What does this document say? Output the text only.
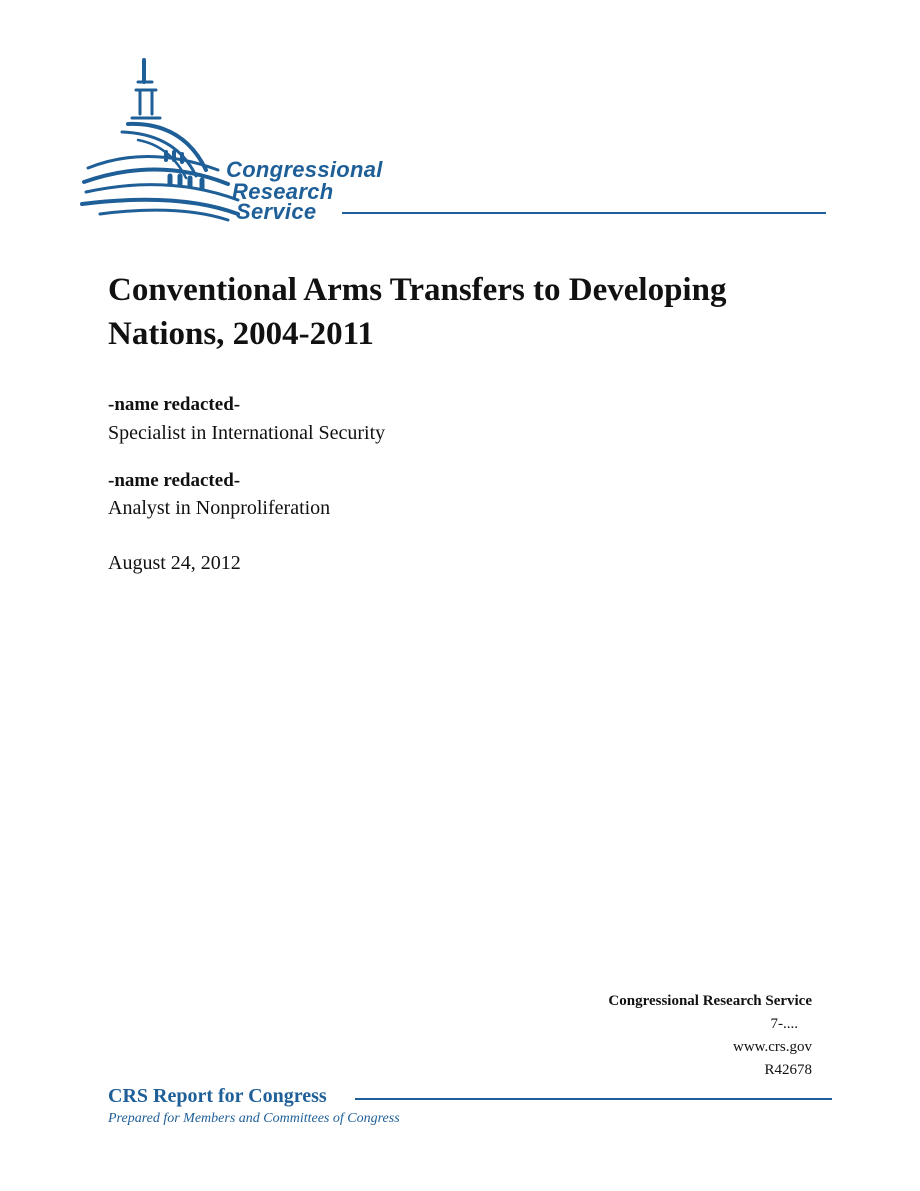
Congressional
Research
Service
Conventional Arms Transfers to Developing Nations, 2004-2011
-name redacted-
Specialist in International Security
-name redacted-
Analyst in Nonproliferation
August 24, 2012
Congressional Research Service
7-....
www.crs.gov
R42678
CRS Report for Congress
Prepared for Members and Committees of Congress
